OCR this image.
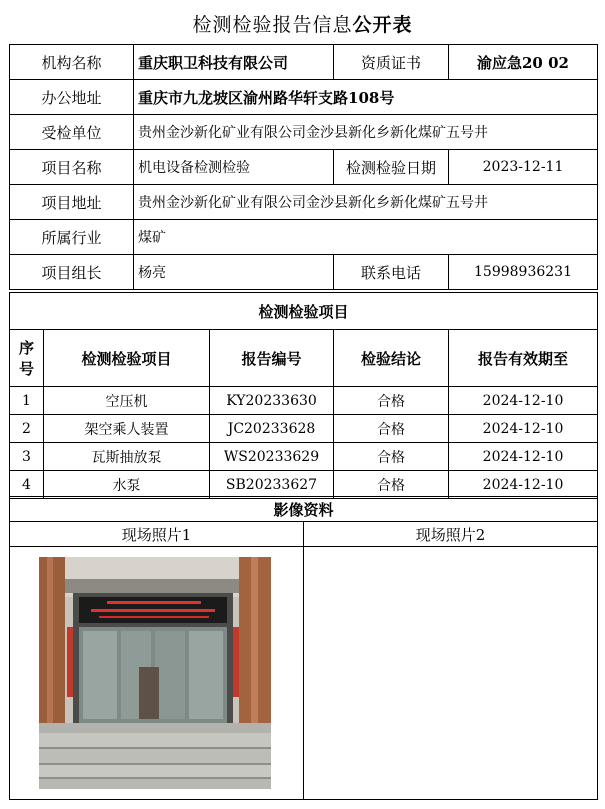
检测检验报告信息公开表
机构名称	重庆职卫科技有限公司	资质证书	渝应急20 02
办公地址	重庆市九龙坡区渝州路华轩支路108号		
受检单位	贵州金沙新化矿业有限公司金沙县新化乡新化煤矿五号井		
项目名称	机电设备检测检验	检测检验日期	2023-12-11
项目地址	贵州金沙新化矿业有限公司金沙县新化乡新化煤矿五号井		
所属行业	煤矿		
项目组长	杨亮	联系电话	15998936231
检测检验项目				
序号	检测检验项目	报告编号	检验结论	报告有效期至
1	空压机	KY20233630	合格	2024-12-10
2	架空乘人装置	JC20233628	合格	2024-12-10
3	瓦斯抽放泵	WS20233629	合格	2024-12-10
4	水泵	SB20233627	合格	2024-12-10
影像资料	
现场照片1	现场照片2
